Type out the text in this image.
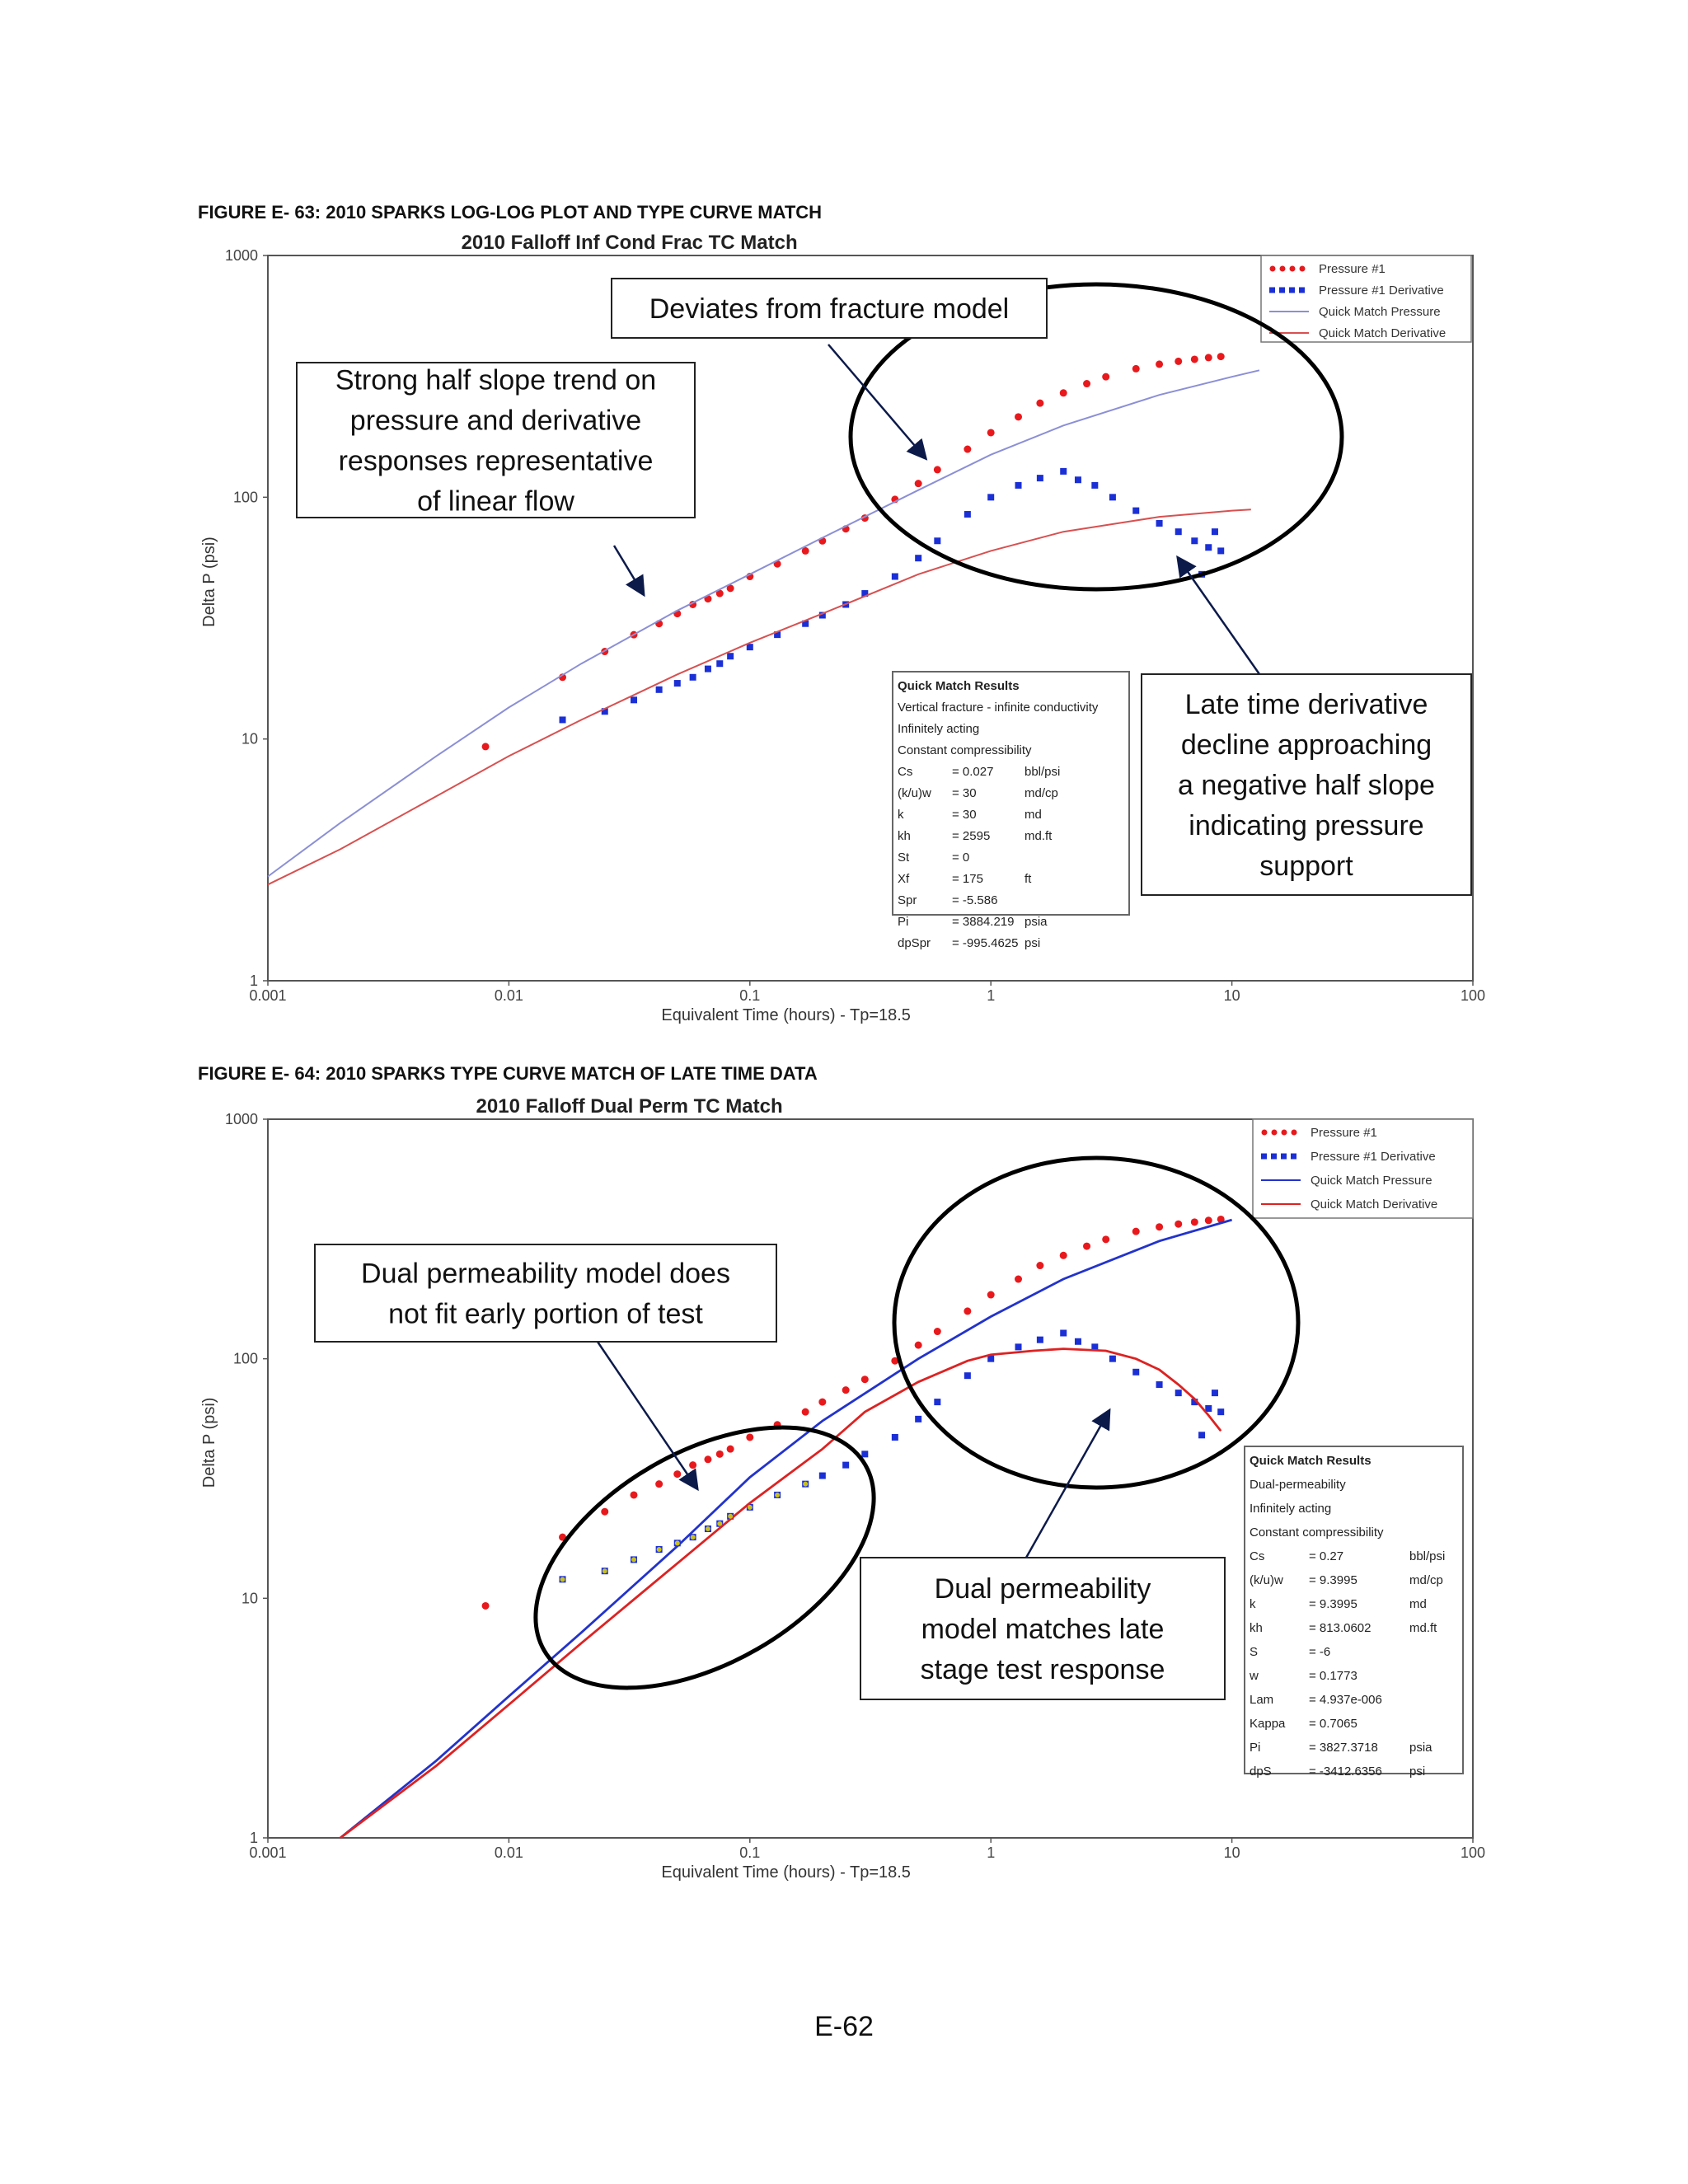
FIGURE E- 63: 2010 SPARKS LOG-LOG PLOT AND TYPE CURVE MATCH
FIGURE E- 64: 2010 SPARKS TYPE CURVE MATCH OF LATE TIME DATA
2010 Falloff Inf Cond Frac TC Match
0.001	0.01	0.1	1	10	100
1
10
100
1000
Equivalent Time (hours) - Tp=18.5
Delta P (psi)
Pressure #1
Pressure #1 Derivative
Quick Match Pressure
Quick Match Derivative
Quick Match Results
Vertical fracture - infinite conductivity
Infinitely acting
Constant compressibility
Cs	= 0.027	bbl/psi
(k/u)w = 30	md/cp
k	= 30	md
kh	= 2595	md.ft
St	= 0
Xf	= 175	ft
Spr	= -5.586
Pi	= 3884.219 psia
dpSpr = -995.4625 psi
Deviates from fracture model
Strong half slope trend on
pressure and derivative
responses representative
of linear flow
Late time derivative
decline approaching
a negative half slope
indicating pressure
support
2010 Falloff Dual Perm TC Match
0.001	0.01	0.1	1	10	100
1
10
100
1000
Equivalent Time (hours) - Tp=18.5
Delta P (psi)
Pressure #1
Pressure #1 Derivative
Quick Match Pressure
Quick Match Derivative
Quick Match Results
Dual-permeability
Infinitely acting
Constant compressibility
Cs	= 0.27	bbl/psi
(k/u)w = 9.3995	md/cp
k	= 9.3995	md
kh	= 813.0602	md.ft
S	= -6
w	= 0.1773
Lam	= 4.937e-006
Kappa = 0.7065
Pi	= 3827.3718	psia
dpS	= -3412.6356 psi
Dual permeability model does
not fit early portion of test
Dual permeability
model matches late
stage test response
E-62
